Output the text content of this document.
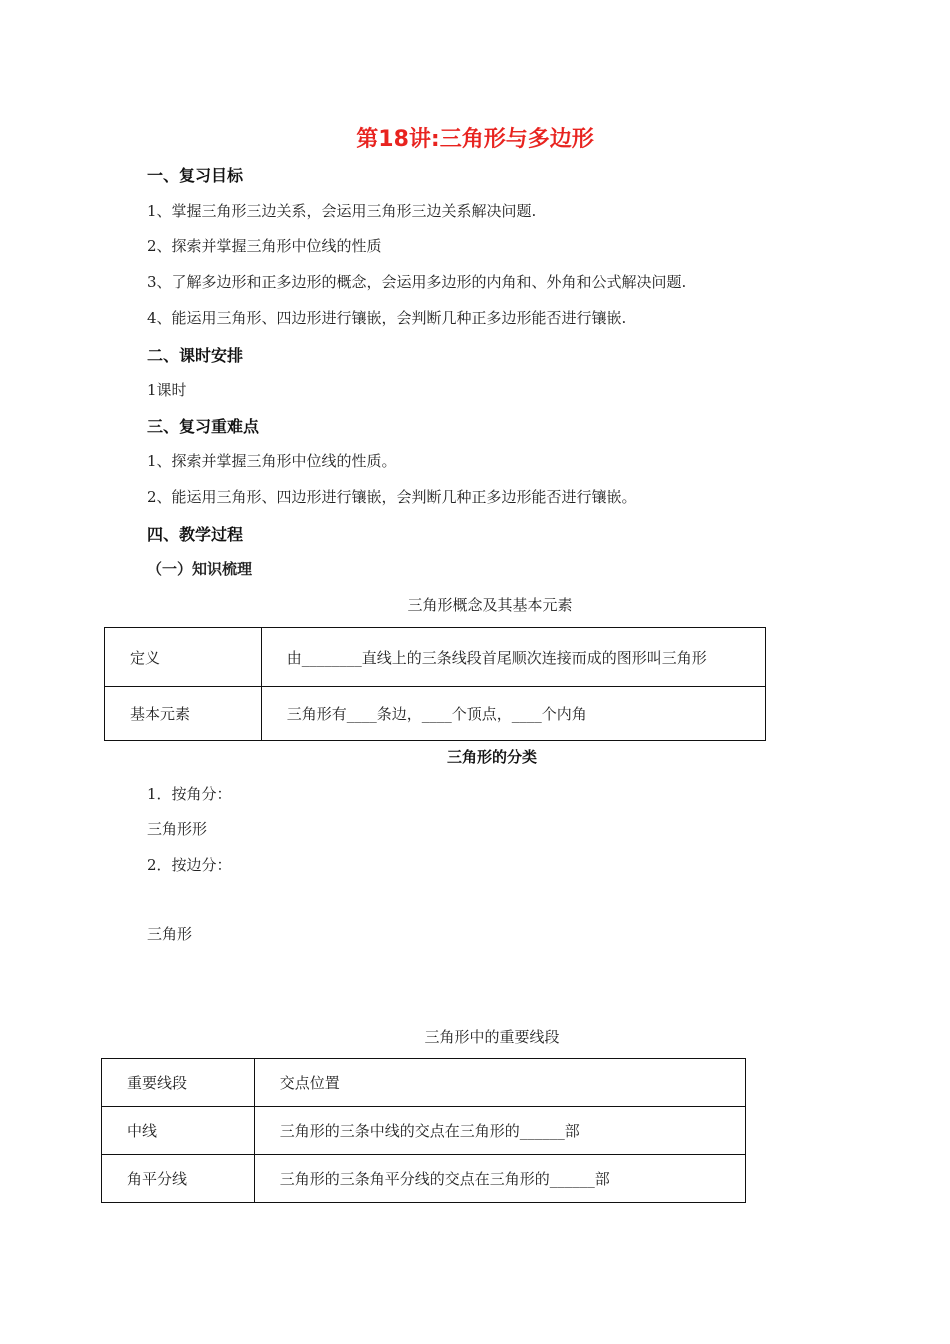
第18讲:三角形与多边形
一、复习目标
1、掌握三角形三边关系，会运用三角形三边关系解决问题.
2、探索并掌握三角形中位线的性质
3、了解多边形和正多边形的概念，会运用多边形的内角和、外角和公式解决问题.
4、能运用三角形、四边形进行镶嵌，会判断几种正多边形能否进行镶嵌.
二、课时安排
1课时
三、复习重难点
1、探索并掌握三角形中位线的性质。
2、能运用三角形、四边形进行镶嵌，会判断几种正多边形能否进行镶嵌。
四、教学过程
（一）知识梳理
三角形概念及其基本元素
定义	由________直线上的三条线段首尾顺次连接而成的图形叫三角形

基本元素	三角形有____条边，____个顶点，____个内角
三角形的分类
1．按角分：
三角形形
2．按边分：
三角形
三角形中的重要线段
重要线段	交点位置

中线	三角形的三条中线的交点在三角形的______部

角平分线	三角形的三条角平分线的交点在三角形的______部
